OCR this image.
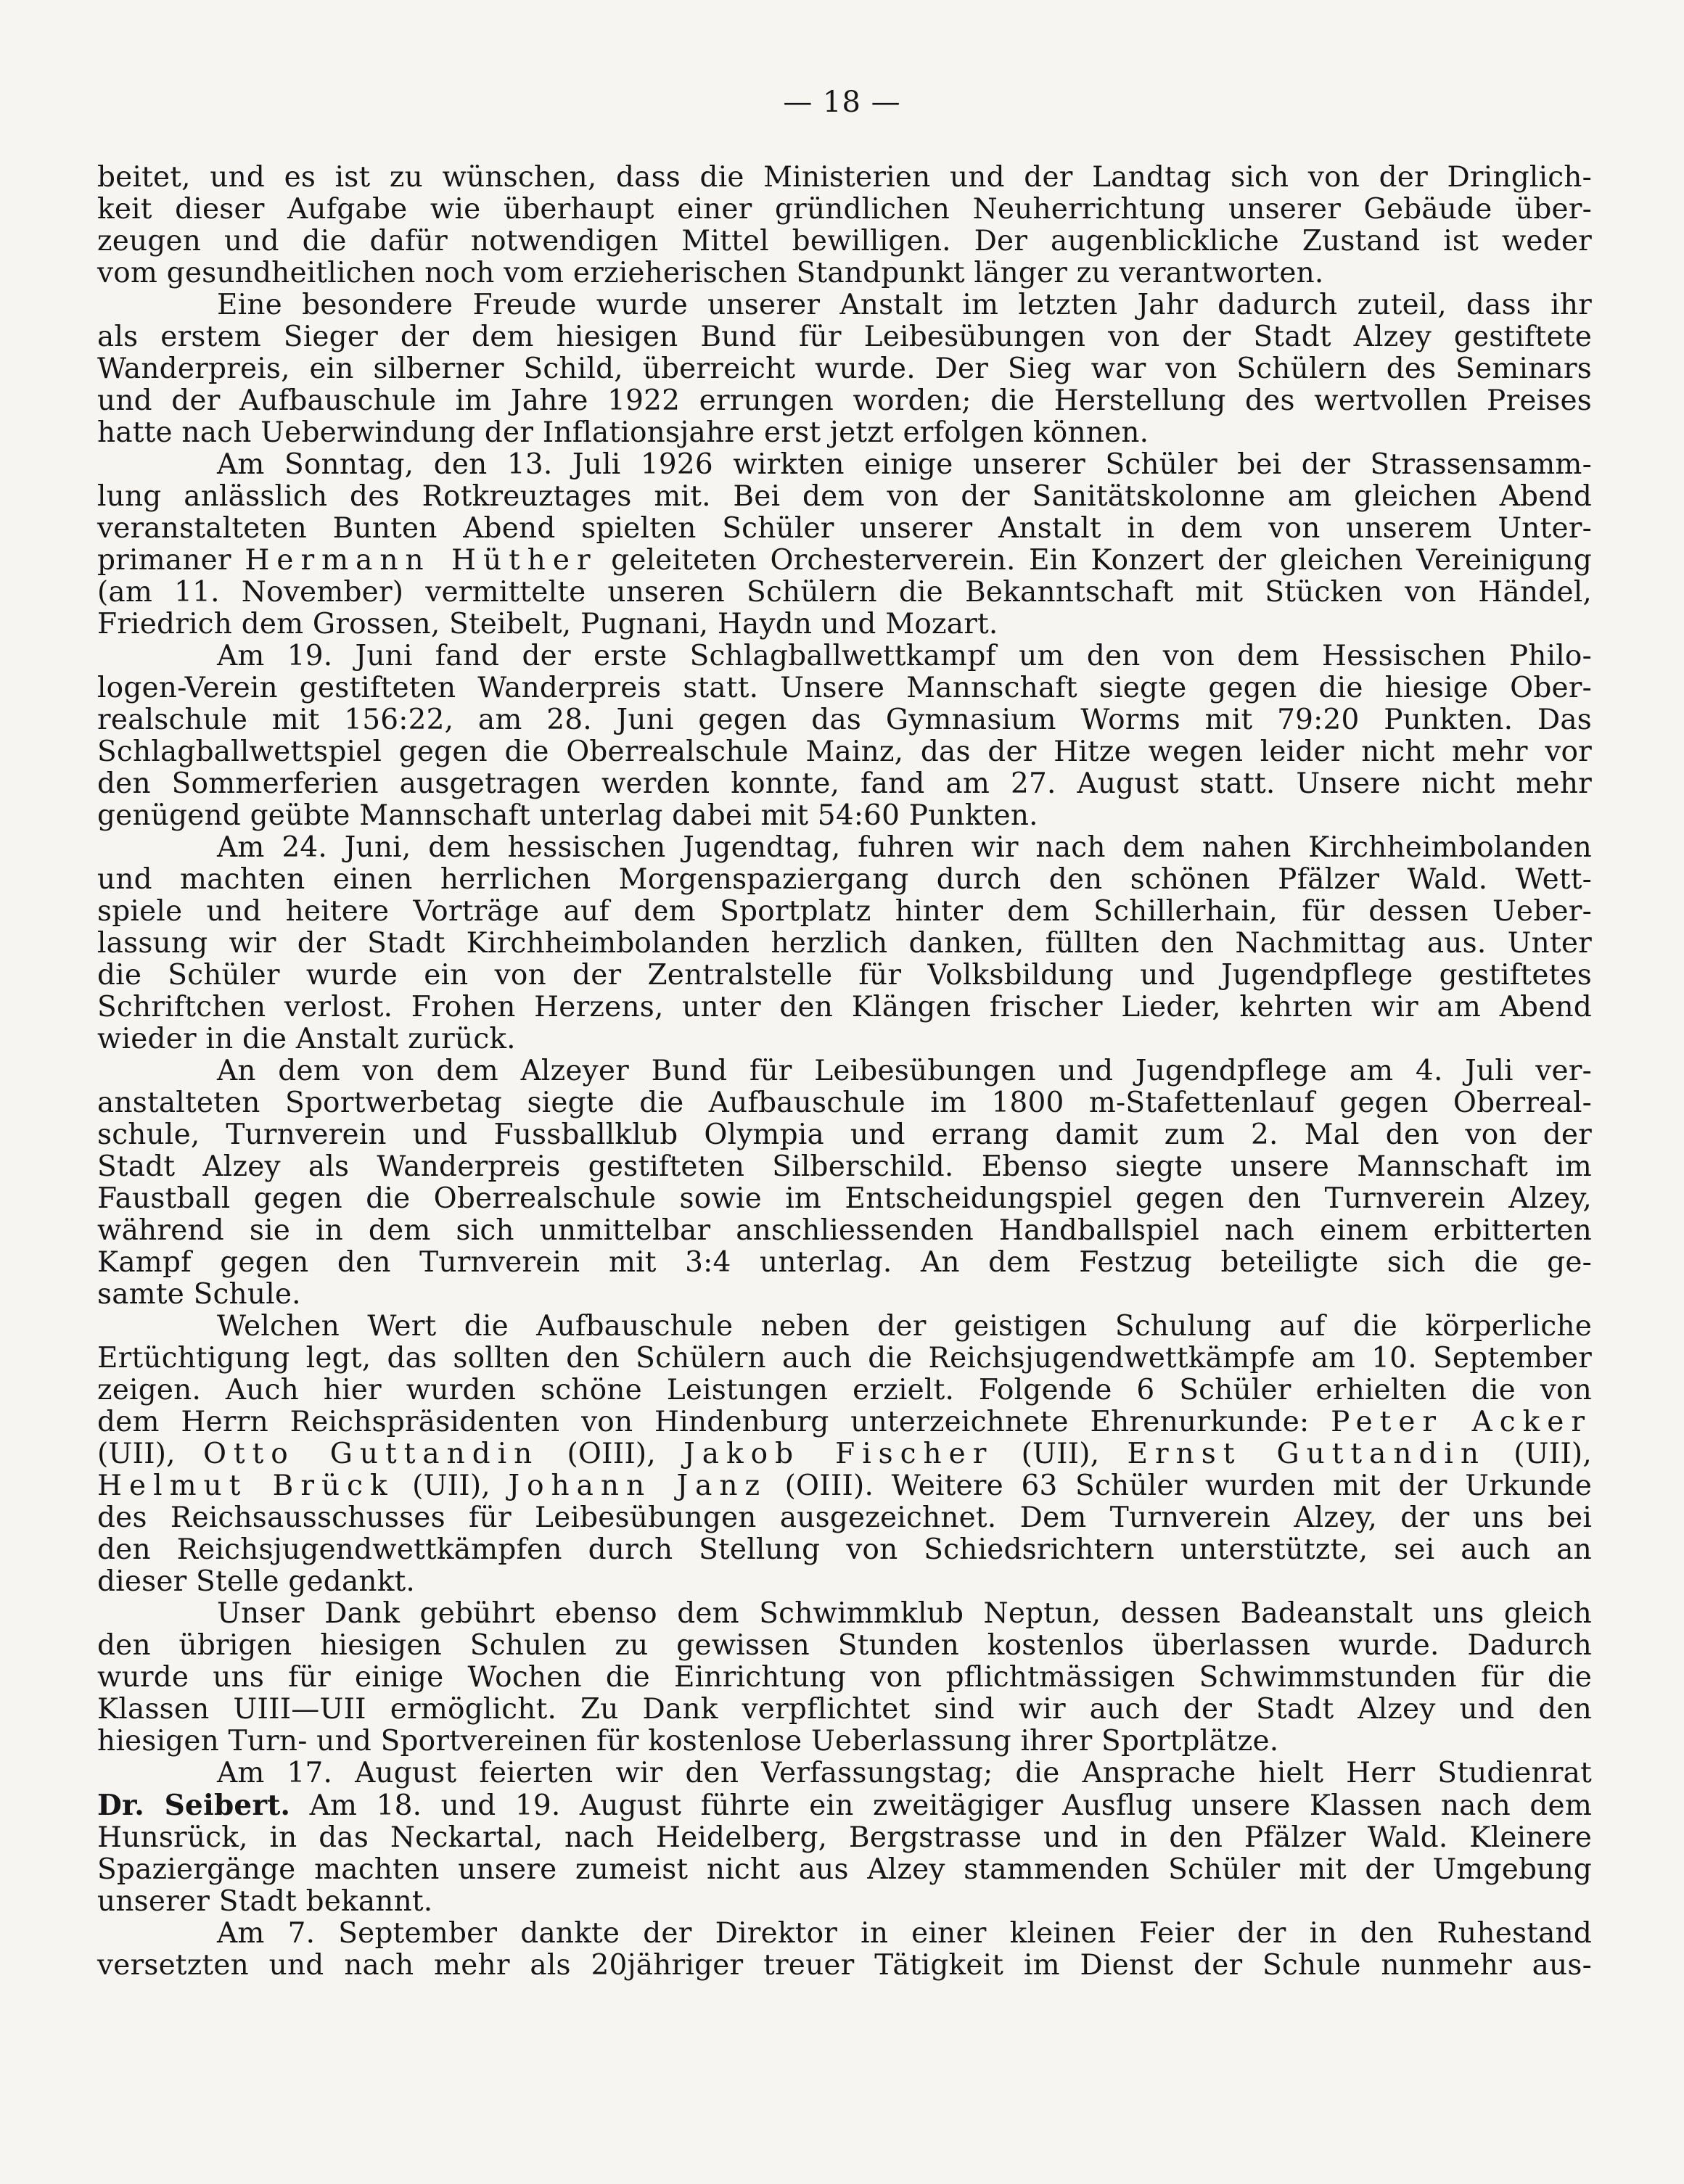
— 18 —
beitet, und es ist zu wünschen, dass die Ministerien und der Landtag sich von der Dringlich-
keit dieser Aufgabe wie überhaupt einer gründlichen Neuherrichtung unserer Gebäude über-
zeugen und die dafür notwendigen Mittel bewilligen. Der augenblickliche Zustand ist weder
vom gesundheitlichen noch vom erzieherischen Standpunkt länger zu verantworten.
Eine besondere Freude wurde unserer Anstalt im letzten Jahr dadurch zuteil, dass ihr
als erstem Sieger der dem hiesigen Bund für Leibesübungen von der Stadt Alzey gestiftete
Wanderpreis, ein silberner Schild, überreicht wurde. Der Sieg war von Schülern des Seminars
und der Aufbauschule im Jahre 1922 errungen worden; die Herstellung des wertvollen Preises
hatte nach Ueberwindung der Inflationsjahre erst jetzt erfolgen können.
Am Sonntag, den 13. Juli 1926 wirkten einige unserer Schüler bei der Strassensamm-
lung anlässlich des Rotkreuztages mit. Bei dem von der Sanitätskolonne am gleichen Abend
veranstalteten Bunten Abend spielten Schüler unserer Anstalt in dem von unserem Unter-
primaner Hermann Hüther geleiteten Orchesterverein. Ein Konzert der gleichen Vereinigung
(am 11. November) vermittelte unseren Schülern die Bekanntschaft mit Stücken von Händel,
Friedrich dem Grossen, Steibelt, Pugnani, Haydn und Mozart.
Am 19. Juni fand der erste Schlagballwettkampf um den von dem Hessischen Philo-
logen-Verein gestifteten Wanderpreis statt. Unsere Mannschaft siegte gegen die hiesige Ober-
realschule mit 156:22, am 28. Juni gegen das Gymnasium Worms mit 79:20 Punkten. Das
Schlagballwettspiel gegen die Oberrealschule Mainz, das der Hitze wegen leider nicht mehr vor
den Sommerferien ausgetragen werden konnte, fand am 27. August statt. Unsere nicht mehr
genügend geübte Mannschaft unterlag dabei mit 54:60 Punkten.
Am 24. Juni, dem hessischen Jugendtag, fuhren wir nach dem nahen Kirchheimbolanden
und machten einen herrlichen Morgenspaziergang durch den schönen Pfälzer Wald. Wett-
spiele und heitere Vorträge auf dem Sportplatz hinter dem Schillerhain, für dessen Ueber-
lassung wir der Stadt Kirchheimbolanden herzlich danken, füllten den Nachmittag aus. Unter
die Schüler wurde ein von der Zentralstelle für Volksbildung und Jugendpflege gestiftetes
Schriftchen verlost. Frohen Herzens, unter den Klängen frischer Lieder, kehrten wir am Abend
wieder in die Anstalt zurück.
An dem von dem Alzeyer Bund für Leibesübungen und Jugendpflege am 4. Juli ver-
anstalteten Sportwerbetag siegte die Aufbauschule im 1800 m-Stafettenlauf gegen Oberreal-
schule, Turnverein und Fussballklub Olympia und errang damit zum 2. Mal den von der
Stadt Alzey als Wanderpreis gestifteten Silberschild. Ebenso siegte unsere Mannschaft im
Faustball gegen die Oberrealschule sowie im Entscheidungspiel gegen den Turnverein Alzey,
während sie in dem sich unmittelbar anschliessenden Handballspiel nach einem erbitterten
Kampf gegen den Turnverein mit 3:4 unterlag. An dem Festzug beteiligte sich die ge-
samte Schule.
Welchen Wert die Aufbauschule neben der geistigen Schulung auf die körperliche
Ertüchtigung legt, das sollten den Schülern auch die Reichsjugendwettkämpfe am 10. September
zeigen. Auch hier wurden schöne Leistungen erzielt. Folgende 6 Schüler erhielten die von
dem Herrn Reichspräsidenten von Hindenburg unterzeichnete Ehrenurkunde: Peter Acker
(UII), Otto Guttandin (OIII), Jakob Fischer (UII), Ernst Guttandin (UII),
Helmut Brück (UII), Johann Janz (OIII). Weitere 63 Schüler wurden mit der Urkunde
des Reichsausschusses für Leibesübungen ausgezeichnet. Dem Turnverein Alzey, der uns bei
den Reichsjugendwettkämpfen durch Stellung von Schiedsrichtern unterstützte, sei auch an
dieser Stelle gedankt.
Unser Dank gebührt ebenso dem Schwimmklub Neptun, dessen Badeanstalt uns gleich
den übrigen hiesigen Schulen zu gewissen Stunden kostenlos überlassen wurde. Dadurch
wurde uns für einige Wochen die Einrichtung von pflichtmässigen Schwimmstunden für die
Klassen UIII—UII ermöglicht. Zu Dank verpflichtet sind wir auch der Stadt Alzey und den
hiesigen Turn- und Sportvereinen für kostenlose Ueberlassung ihrer Sportplätze.
Am 17. August feierten wir den Verfassungstag; die Ansprache hielt Herr Studienrat
Dr. Seibert. Am 18. und 19. August führte ein zweitägiger Ausflug unsere Klassen nach dem
Hunsrück, in das Neckartal, nach Heidelberg, Bergstrasse und in den Pfälzer Wald. Kleinere
Spaziergänge machten unsere zumeist nicht aus Alzey stammenden Schüler mit der Umgebung
unserer Stadt bekannt.
Am 7. September dankte der Direktor in einer kleinen Feier der in den Ruhestand
versetzten und nach mehr als 20jähriger treuer Tätigkeit im Dienst der Schule nunmehr aus-
